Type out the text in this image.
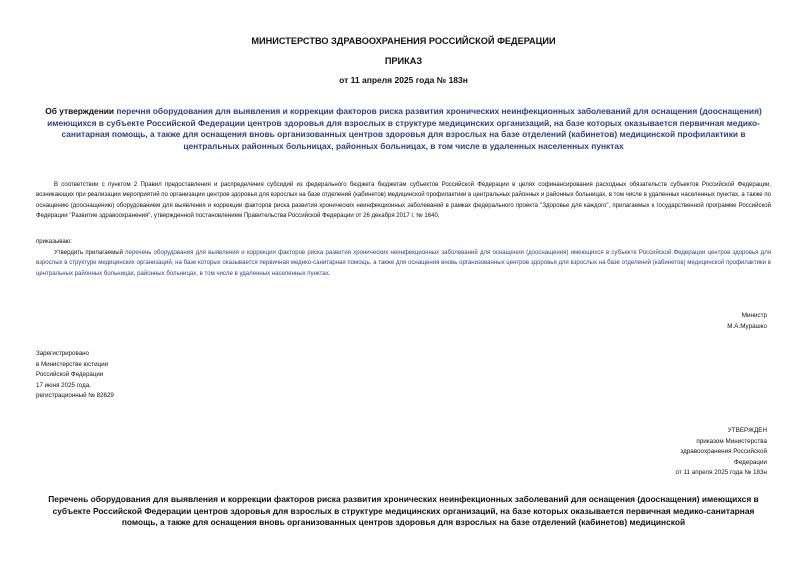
МИНИСТЕРСТВО ЗДРАВООХРАНЕНИЯ РОССИЙСКОЙ ФЕДЕРАЦИИ
ПРИКАЗ
от 11 апреля 2025 года № 183н
Об утверждении перечня оборудования для выявления и коррекции факторов риска развития хронических неинфекционных заболеваний для оснащения (дооснащения) имеющихся в субъекте Российской Федерации центров здоровья для взрослых в структуре медицинских организаций, на базе которых оказывается первичная медико-санитарная помощь, а также для оснащения вновь организованных центров здоровья для взрослых на базе отделений (кабинетов) медицинской профилактики в центральных районных больницах, районных больницах, в том числе в удаленных населенных пунктах
В соответствии с пунктом 2 Правил предоставления и распределения субсидий из федерального бюджета бюджетам субъектов Российской Федерации в целях софинансирования расходных обязательств субъектов Российской Федерации, возникающих при реализации мероприятий по организации центров здоровья для взрослых на базе отделений (кабинетов) медицинской профилактики в центральных районных и районных больницах, в том числе в удаленных населенных пунктах, а также по оснащению (дооснащению) оборудованием для выявления и коррекции факторов риска развития хронических неинфекционных заболеваний в рамках федерального проекта "Здоровье для каждого", прилагаемых к государственной программе Российской Федерации "Развитие здравоохранения", утвержденной постановлением Правительства Российской Федерации от 26 декабря 2017 г. № 1640,
приказываю:
Утвердить прилагаемый перечень оборудования для выявления и коррекции факторов риска развития хронических неинфекционных заболеваний для оснащения (дооснащения) имеющихся в субъекте Российской Федерации центров здоровья для взрослых в структуре медицинских организаций, на базе которых оказывается первичная медико-санитарная помощь, а также для оснащения вновь организованных центров здоровья для взрослых на базе отделений (кабинетов) медицинской профилактики в центральных районных больницах, районных больницах, в том числе в удаленных населенных пунктах.
Министр
М.А.Мурашко
Зарегистрировано
в Министерстве юстиции
Российской Федерации
17 июня 2025 года,
регистрационный № 82629
УТВЕРЖДЕН
приказом Министерства
здравоохранения Российской
Федерации
от 11 апреля 2025 года № 183н
Перечень оборудования для выявления и коррекции факторов риска развития хронических неинфекционных заболеваний для оснащения (дооснащения) имеющихся в субъекте Российской Федерации центров здоровья для взрослых в структуре медицинских организаций, на базе которых оказывается первичная медико-санитарная помощь, а также для оснащения вновь организованных центров здоровья для взрослых на базе отделений (кабинетов) медицинской
